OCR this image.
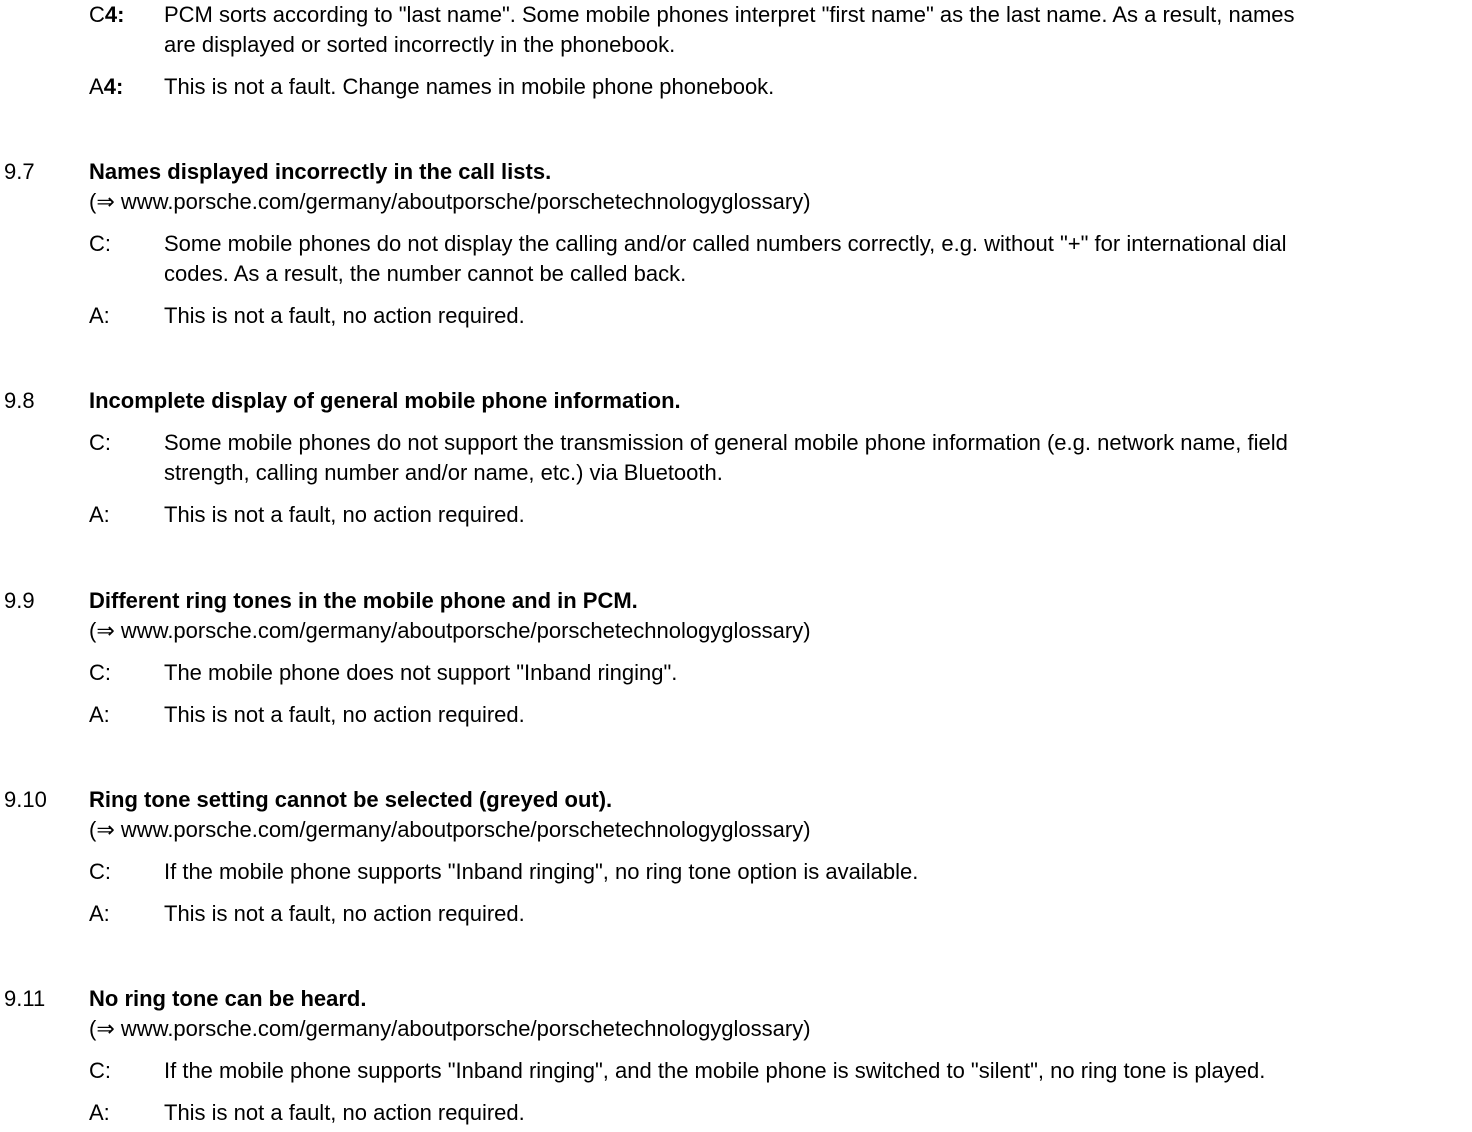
C4: PCM sorts according to "last name". Some mobile phones interpret "first name" as the last name. As a result, names
are displayed or sorted incorrectly in the phonebook.
A4: This is not a fault. Change names in mobile phone phonebook.
9.7 Names displayed incorrectly in the call lists.
(⇒ www.porsche.com/germany/aboutporsche/porschetechnologyglossary)
C: Some mobile phones do not display the calling and/or called numbers correctly, e.g. without "+" for international dial
codes. As a result, the number cannot be called back.
A: This is not a fault, no action required.
9.8 Incomplete display of general mobile phone information.
C: Some mobile phones do not support the transmission of general mobile phone information (e.g. network name, field
strength, calling number and/or name, etc.) via Bluetooth.
A: This is not a fault, no action required.
9.9 Different ring tones in the mobile phone and in PCM.
(⇒ www.porsche.com/germany/aboutporsche/porschetechnologyglossary)
C: The mobile phone does not support "Inband ringing".
A: This is not a fault, no action required.
9.10 Ring tone setting cannot be selected (greyed out).
(⇒ www.porsche.com/germany/aboutporsche/porschetechnologyglossary)
C: If the mobile phone supports "Inband ringing", no ring tone option is available.
A: This is not a fault, no action required.
9.11 No ring tone can be heard.
(⇒ www.porsche.com/germany/aboutporsche/porschetechnologyglossary)
C: If the mobile phone supports "Inband ringing", and the mobile phone is switched to "silent", no ring tone is played.
A: This is not a fault, no action required.
